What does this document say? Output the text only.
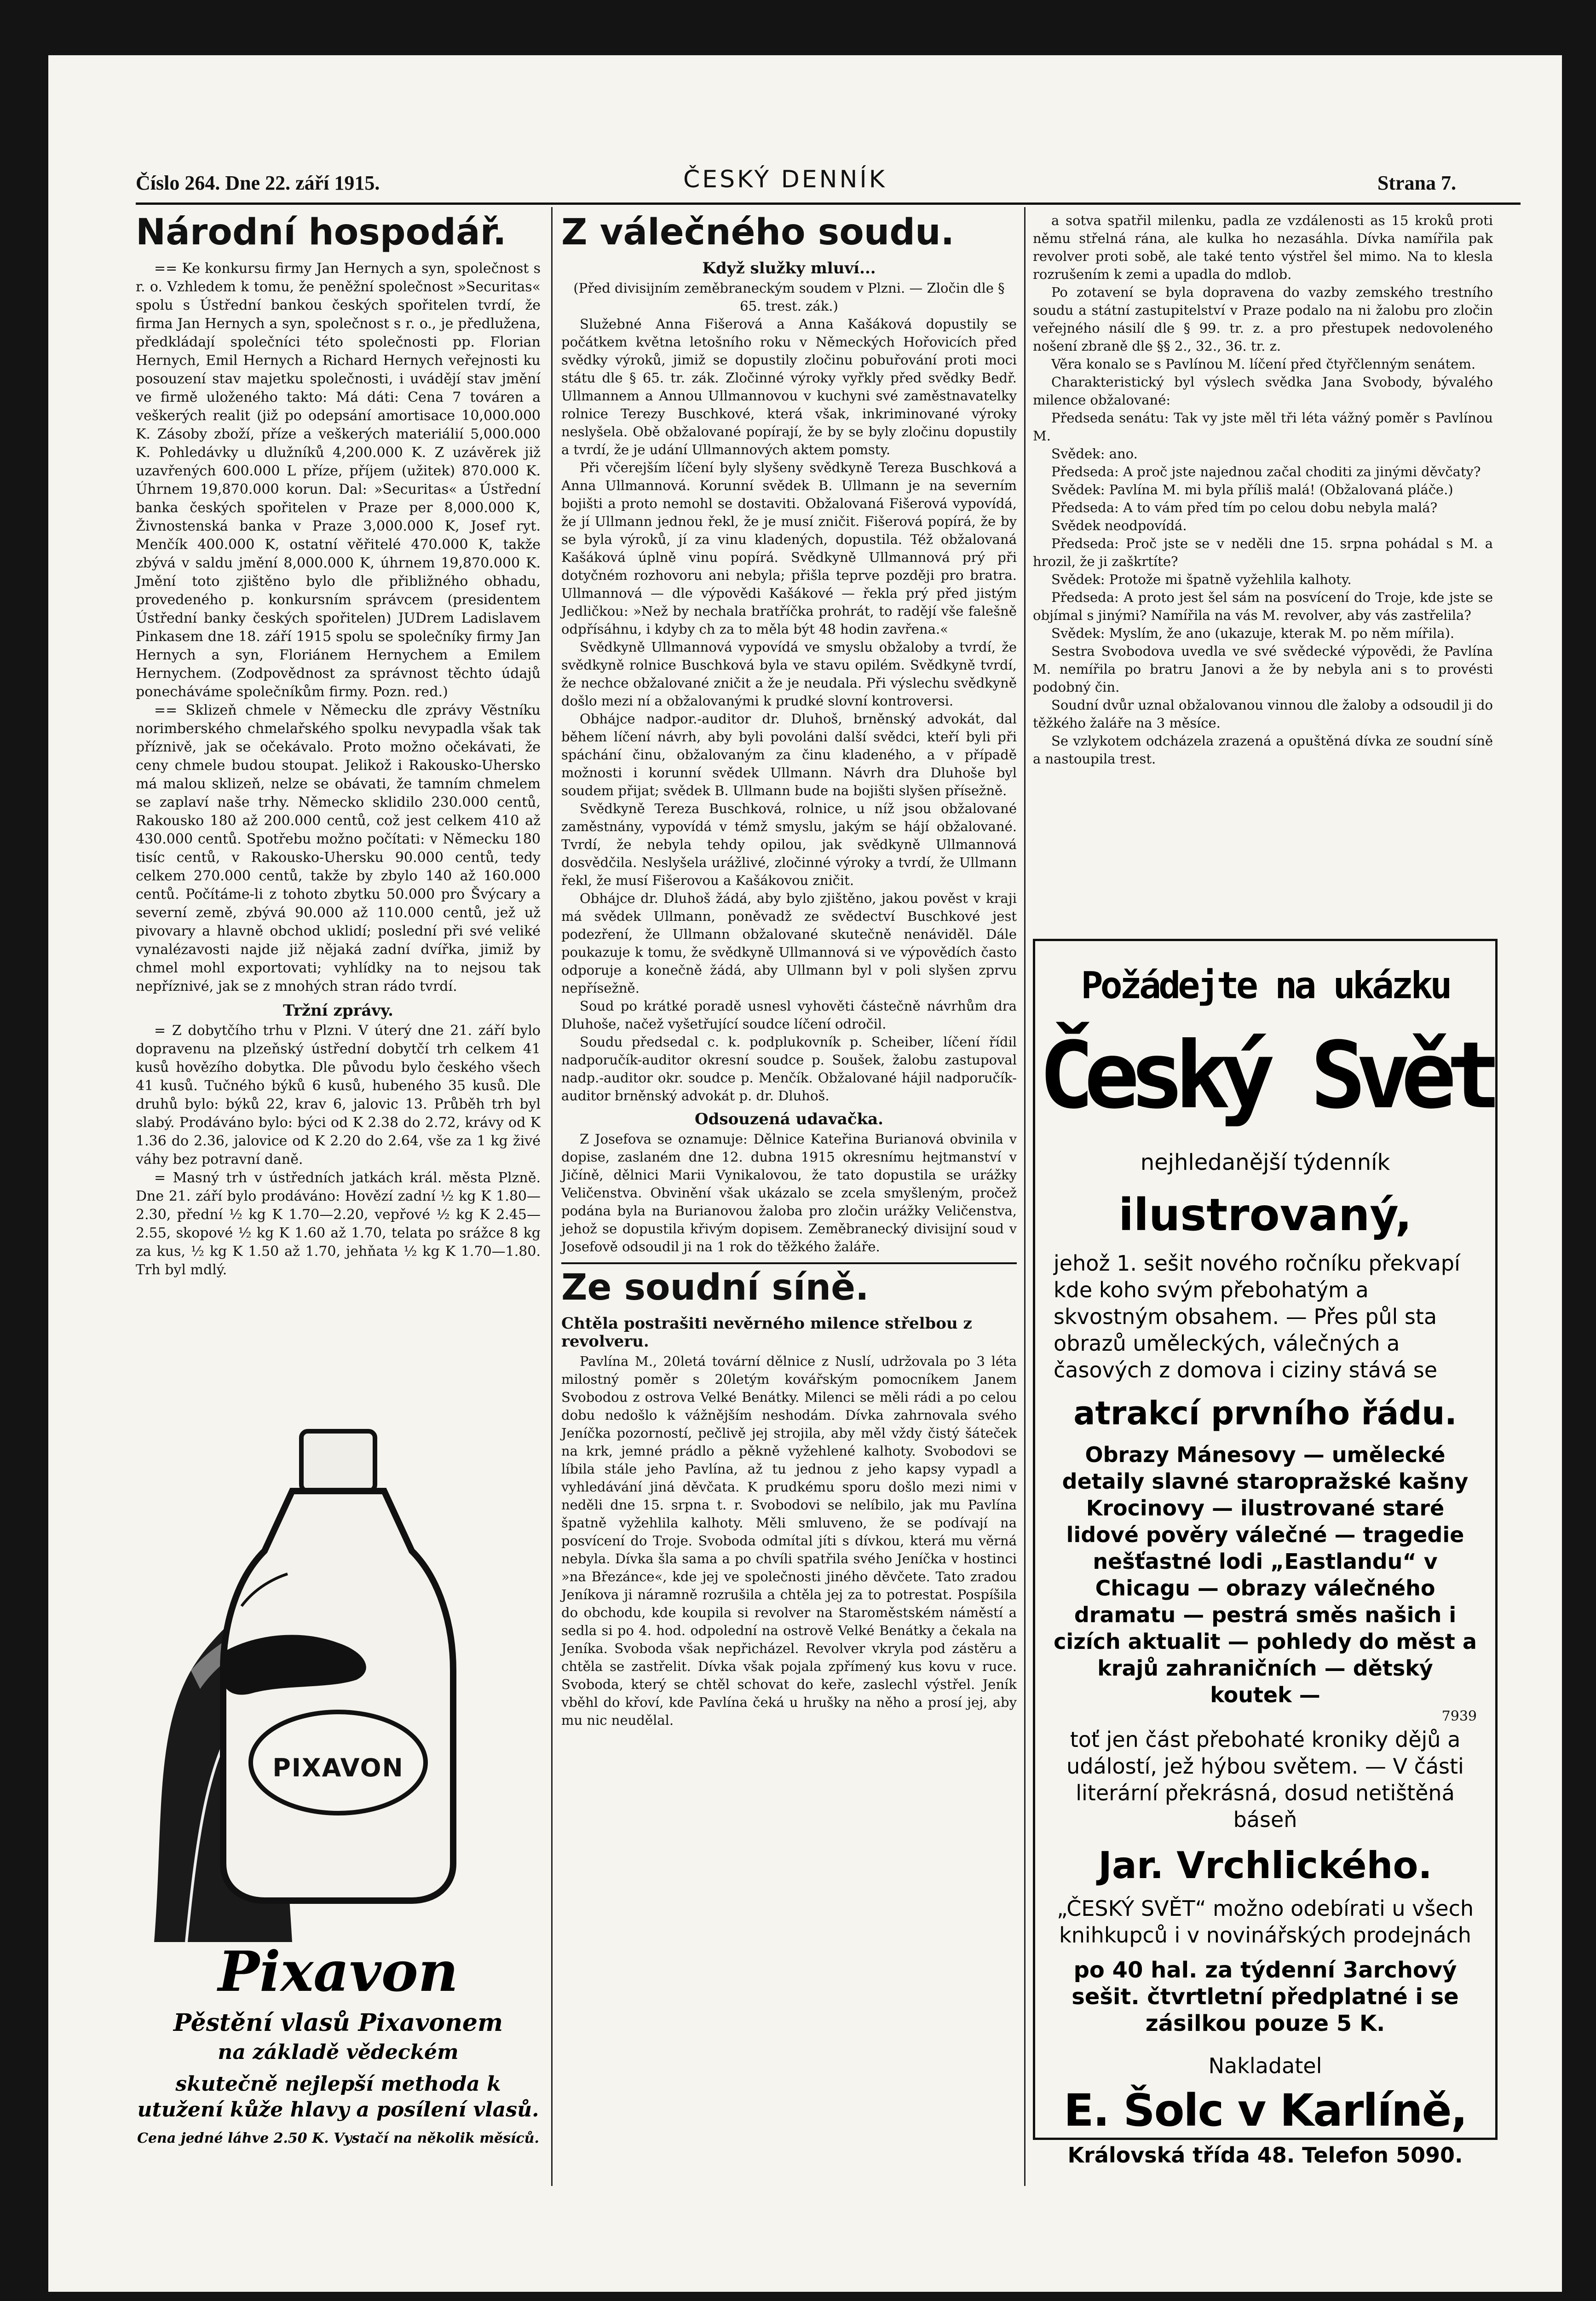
Číslo 264. Dne 22. září 1915.	ČESKÝ DENNÍK	Strana 7.
Národní hospodář.

== Ke konkursu firmy Jan Hernych a syn, společnost s r. o. Vzhledem k tomu, že peněžní společnost »Securitas« spolu s Ústřední bankou českých spořitelen tvrdí, že firma Jan Hernych a syn, společnost s r. o., je předlužena, předkládají společníci této společnosti pp. Florian Hernych, Emil Hernych a Richard Hernych veřejnosti ku posouzení stav majetku společnosti, i uvádějí stav jmění ve firmě uloženého takto: Má dáti: Cena 7 továren a veškerých realit (již po odepsání amortisace 10,000.000 K. Zásoby zboží, příze a veškerých materiálií 5,000.000 K. Pohledávky u dlužníků 4,200.000 K. Z uzávěrek již uzavřených 600.000 L příze, příjem (užitek) 870.000 K. Úhrnem 19,870.000 korun. Dal: »Securitas« a Ústřední banka českých spořitelen v Praze per 8,000.000 K, Živnostenská banka v Praze 3,000.000 K, Josef ryt. Menčík 400.000 K, ostatní věřitelé 470.000 K, takže zbývá v saldu jmění 8,000.000 K, úhrnem 19,870.000 K. Jmění toto zjištěno bylo dle přibližného obhadu, provedeného p. konkursním správcem (presidentem Ústřední banky českých spořitelen) JUDrem Ladislavem Pinkasem dne 18. září 1915 spolu se společníky firmy Jan Hernych a syn, Floriánem Hernychem a Emilem Hernychem. (Zodpovědnost za správnost těchto údajů ponecháváme společníkům firmy. Pozn. red.)

== Sklizeň chmele v Německu dle zprávy Věstníku norimberského chmelařského spolku nevypadla však tak příznivě, jak se očekávalo. Proto možno očekávati, že ceny chmele budou stoupat. Jelikož i Rakousko-Uhersko má malou sklizeň, nelze se obávati, že tamním chmelem se zaplaví naše trhy. Německo sklidilo 230.000 centů, Rakousko 180 až 200.000 centů, což jest celkem 410 až 430.000 centů. Spotřebu možno počítati: v Německu 180 tisíc centů, v Rakousko-Uhersku 90.000 centů, tedy celkem 270.000 centů, takže by zbylo 140 až 160.000 centů. Počítáme-li z tohoto zbytku 50.000 pro Švýcary a severní země, zbývá 90.000 až 110.000 centů, jež už pivovary a hlavně obchod uklidí; poslední při své veliké vynalézavosti najde již nějaká zadní dvířka, jimiž by chmel mohl exportovati; vyhlídky na to nejsou tak nepříznivé, jak se z mnohých stran rádo tvrdí.

Tržní zprávy.

= Z dobytčího trhu v Plzni. V úterý dne 21. září bylo dopravenu na plzeňský ústřední dobytčí trh celkem 41 kusů hovězího dobytka. Dle původu bylo českého všech 41 kusů. Tučného býků 6 kusů, hubeného 35 kusů. Dle druhů bylo: býků 22, krav 6, jalovic 13. Průběh trh byl slabý. Prodáváno bylo: býci od K 2.38 do 2.72, krávy od K 1.36 do 2.36, jalovice od K 2.20 do 2.64, vše za 1 kg živé váhy bez potravní daně.

= Masný trh v ústředních jatkách král. města Plzně. Dne 21. září bylo prodáváno: Hovězí zadní ½ kg K 1.80—2.30, přední ½ kg K 1.70—2.20, vepřové ½ kg K 2.45—2.55, skopové ½ kg K 1.60 až 1.70, telata po srážce 8 kg za kus, ½ kg K 1.50 až 1.70, jehňata ½ kg K 1.70—1.80. Trh byl mdlý.

PIXAVON
Pixavon
Pěstění vlasů Pixavonem
na základě vědeckém
skutečně nejlepší methoda k utužení kůže hlavy a posílení vlasů.
Cena jedné láhve 2.50 K. Vystačí na několik měsíců.
Z válečného soudu.
Když služky mluví...
(Před divisijním zeměbraneckým soudem v Plzni. — Zločin dle § 65. trest. zák.)

Služebné Anna Fišerová a Anna Kašáková dopustily se počátkem května letošního roku v Německých Hořovicích před svědky výroků, jimiž se dopustily zločinu pobuřování proti moci státu dle § 65. tr. zák. Zločinné výroky vyřkly před svědky Bedř. Ullmannem a Annou Ullmannovou v kuchyni své zaměstnavatelky rolnice Terezy Buschkové, která však, inkriminované výroky neslyšela. Obě obžalované popírají, že by se byly zločinu dopustily a tvrdí, že je udání Ullmannových aktem pomsty.

Při včerejším líčení byly slyšeny svědkyně Tereza Buschková a Anna Ullmannová. Korunní svědek B. Ullmann je na severním bojišti a proto nemohl se dostaviti. Obžalovaná Fišerová vypovídá, že jí Ullmann jednou řekl, že je musí zničit. Fišerová popírá, že by se byla výroků, jí za vinu kladených, dopustila. Též obžalovaná Kašáková úplně vinu popírá. Svědkyně Ullmannová prý při dotyčném rozhovoru ani nebyla; přišla teprve později pro bratra. Ullmannová — dle výpovědi Kašákové — řekla prý před jistým Jedličkou: »Než by nechala bratříčka prohrát, to radějí vše falešně odpřísáhnu, i kdyby ch za to měla být 48 hodin zavřena.«

Svědkyně Ullmannová vypovídá ve smyslu obžaloby a tvrdí, že svědkyně rolnice Buschková byla ve stavu opilém. Svědkyně tvrdí, že nechce obžalované zničit a že je neudala. Při výslechu svědkyně došlo mezi ní a obžalovanými k prudké slovní kontroversi.

Obhájce nadpor.-auditor dr. Dluhoš, brněnský advokát, dal během líčení návrh, aby byli povoláni další svědci, kteří byli při spáchání činu, obžalovaným za činu kladeného, a v případě možnosti i korunní svědek Ullmann. Návrh dra Dluhoše byl soudem přijat; svědek B. Ullmann bude na bojišti slyšen přísežně.

Svědkyně Tereza Buschková, rolnice, u níž jsou obžalované zaměstnány, vypovídá v témž smyslu, jakým se hájí obžalované. Tvrdí, že nebyla tehdy opilou, jak svědkyně Ullmannová dosvědčila. Neslyšela urážlivé, zločinné výroky a tvrdí, že Ullmann řekl, že musí Fišerovou a Kašákovou zničit.

Obhájce dr. Dluhoš žádá, aby bylo zjištěno, jakou pověst v kraji má svědek Ullmann, poněvadž ze svědectví Buschkové jest podezření, že Ullmann obžalované skutečně nenáviděl. Dále poukazuje k tomu, že svědkyně Ullmannová si ve výpovědích často odporuje a konečně žádá, aby Ullmann byl v poli slyšen zprvu nepřísežně.

Soud po krátké poradě usnesl vyhověti částečně návrhům dra Dluhoše, načež vyšetřující soudce líčení odročil.

Soudu předsedal c. k. podplukovník p. Scheiber, líčení řídil nadporučík-auditor okresní soudce p. Soušek, žalobu zastupoval nadp.-auditor okr. soudce p. Menčík. Obžalované hájil nadporučík-auditor brněnský advokát p. dr. Dluhoš.

Odsouzená udavačka.

Z Josefova se oznamuje: Dělnice Kateřina Burianová obvinila v dopise, zaslaném dne 12. dubna 1915 okresnímu hejtmanství v Jičíně, dělnici Marii Vynikalovou, že tato dopustila se urážky Veličenstva. Obvinění však ukázalo se zcela smyšleným, pročež podána byla na Burianovou žaloba pro zločin urážky Veličenstva, jehož se dopustila křivým dopisem. Zeměbranecký divisijní soud v Josefově odsoudil ji na 1 rok do těžkého žaláře.

Ze soudní síně.
Chtěla postrašiti nevěrného milence střelbou z revolveru.

Pavlína M., 20letá tovární dělnice z Nuslí, udržovala po 3 léta milostný poměr s 20letým kovářským pomocníkem Janem Svobodou z ostrova Velké Benátky. Milenci se měli rádi a po celou dobu nedošlo k vážnějším neshodám. Dívka zahrnovala svého Jeníčka pozorností, pečlivě jej strojila, aby měl vždy čistý šáteček na krk, jemné prádlo a pěkně vyžehlené kalhoty. Svobodovi se líbila stále jeho Pavlína, až tu jednou z jeho kapsy vypadl a vyhledávání jiná děvčata. K prudkému sporu došlo mezi nimi v neděli dne 15. srpna t. r. Svobodovi se nelíbilo, jak mu Pavlína špatně vyžehlila kalhoty. Měli smluveno, že se podívají na posvícení do Troje. Svoboda odmítal jíti s dívkou, která mu věrná nebyla. Dívka šla sama a po chvíli spatřila svého Jeníčka v hostinci »na Březánce«, kde jej ve společnosti jiného děvčete. Tato zradou Jeníkova ji náramně rozrušila a chtěla jej za to potrestat. Pospíšila do obchodu, kde koupila si revolver na Staroměstském náměstí a sedla si po 4. hod. odpolední na ostrově Velké Benátky a čekala na Jeníka. Svoboda však nepřicházel. Revolver vkryla pod zástěru a chtěla se zastřelit. Dívka však pojala zpřímený kus kovu v ruce. Svoboda, který se chtěl schovat do keře, zaslechl výstřel. Jeník vběhl do křoví, kde Pavlína čeká u hrušky na něho a prosí jej, aby mu nic neudělal.

a sotva spatřil milenku, padla ze vzdálenosti as 15 kroků proti němu střelná rána, ale kulka ho nezasáhla. Dívka namířila pak revolver proti sobě, ale také tento výstřel šel mimo. Na to klesla rozrušením k zemi a upadla do mdlob.

Po zotavení se byla dopravena do vazby zemského trestního soudu a státní zastupitelství v Praze podalo na ni žalobu pro zločin veřejného násilí dle § 99. tr. z. a pro přestupek nedovoleného nošení zbraně dle §§ 2., 32., 36. tr. z.

Věra konalo se s Pavlínou M. líčení před čtyřčlenným senátem.

Charakteristický byl výslech svědka Jana Svobody, bývalého milence obžalované:

Předseda senátu: Tak vy jste měl tři léta vážný poměr s Pavlínou M.

Svědek: ano.

Předseda: A proč jste najednou začal choditi za jinými děvčaty?

Svědek: Pavlína M. mi byla příliš malá! (Obžalovaná pláče.)

Předseda: A to vám před tím po celou dobu nebyla malá?

Svědek neodpovídá.

Předseda: Proč jste se v neděli dne 15. srpna pohádal s M. a hrozil, že ji zaškrtíte?

Svědek: Protože mi špatně vyžehlila kalhoty.

Předseda: A proto jest šel sám na posvícení do Troje, kde jste se objímal s jinými? Namířila na vás M. revolver, aby vás zastřelila?

Svědek: Myslím, že ano (ukazuje, kterak M. po něm mířila).

Sestra Svobodova uvedla ve své svědecké výpovědi, že Pavlína M. nemířila po bratru Janovi a že by nebyla ani s to provésti podobný čin.

Soudní dvůr uznal obžalovanou vinnou dle žaloby a odsoudil ji do těžkého žaláře na 3 měsíce.

Se vzlykotem odcházela zrazená a opuštěná dívka ze soudní síně a nastoupila trest.

Požádejte na ukázku
Český Svět
nejhledanější týdenník
ilustrovaný,
jehož 1. sešit nového ročníku překvapí kde koho svým přebohatým a skvostným obsahem. — Přes půl sta obrazů uměleckých, válečných a časových z domova i ciziny stává se
atrakcí prvního řádu.
Obrazy Mánesovy — umělecké detaily slavné staropražské kašny Krocinovy — ilustrované staré lidové pověry válečné — tragedie nešťastné lodi „Eastlandu“ v Chicagu — obrazy válečného dramatu — pestrá směs našich i cizích aktualit — pohledy do měst a krajů zahraničních — dětský koutek —
7939
toť jen část přebohaté kroniky dějů a událostí, jež hýbou světem. — V části literární překrásná, dosud netištěná báseň
Jar. Vrchlického.
„ČESKÝ SVĚT“ možno odebírati u všech knihkupců i v novinářských prodejnách
po 40 hal. za týdenní 3archový sešit. čtvrtletní předplatné i se zásilkou pouze 5 K.
Nakladatel
E. Šolc v Karlíně,
Královská třída 48. Telefon 5090.
